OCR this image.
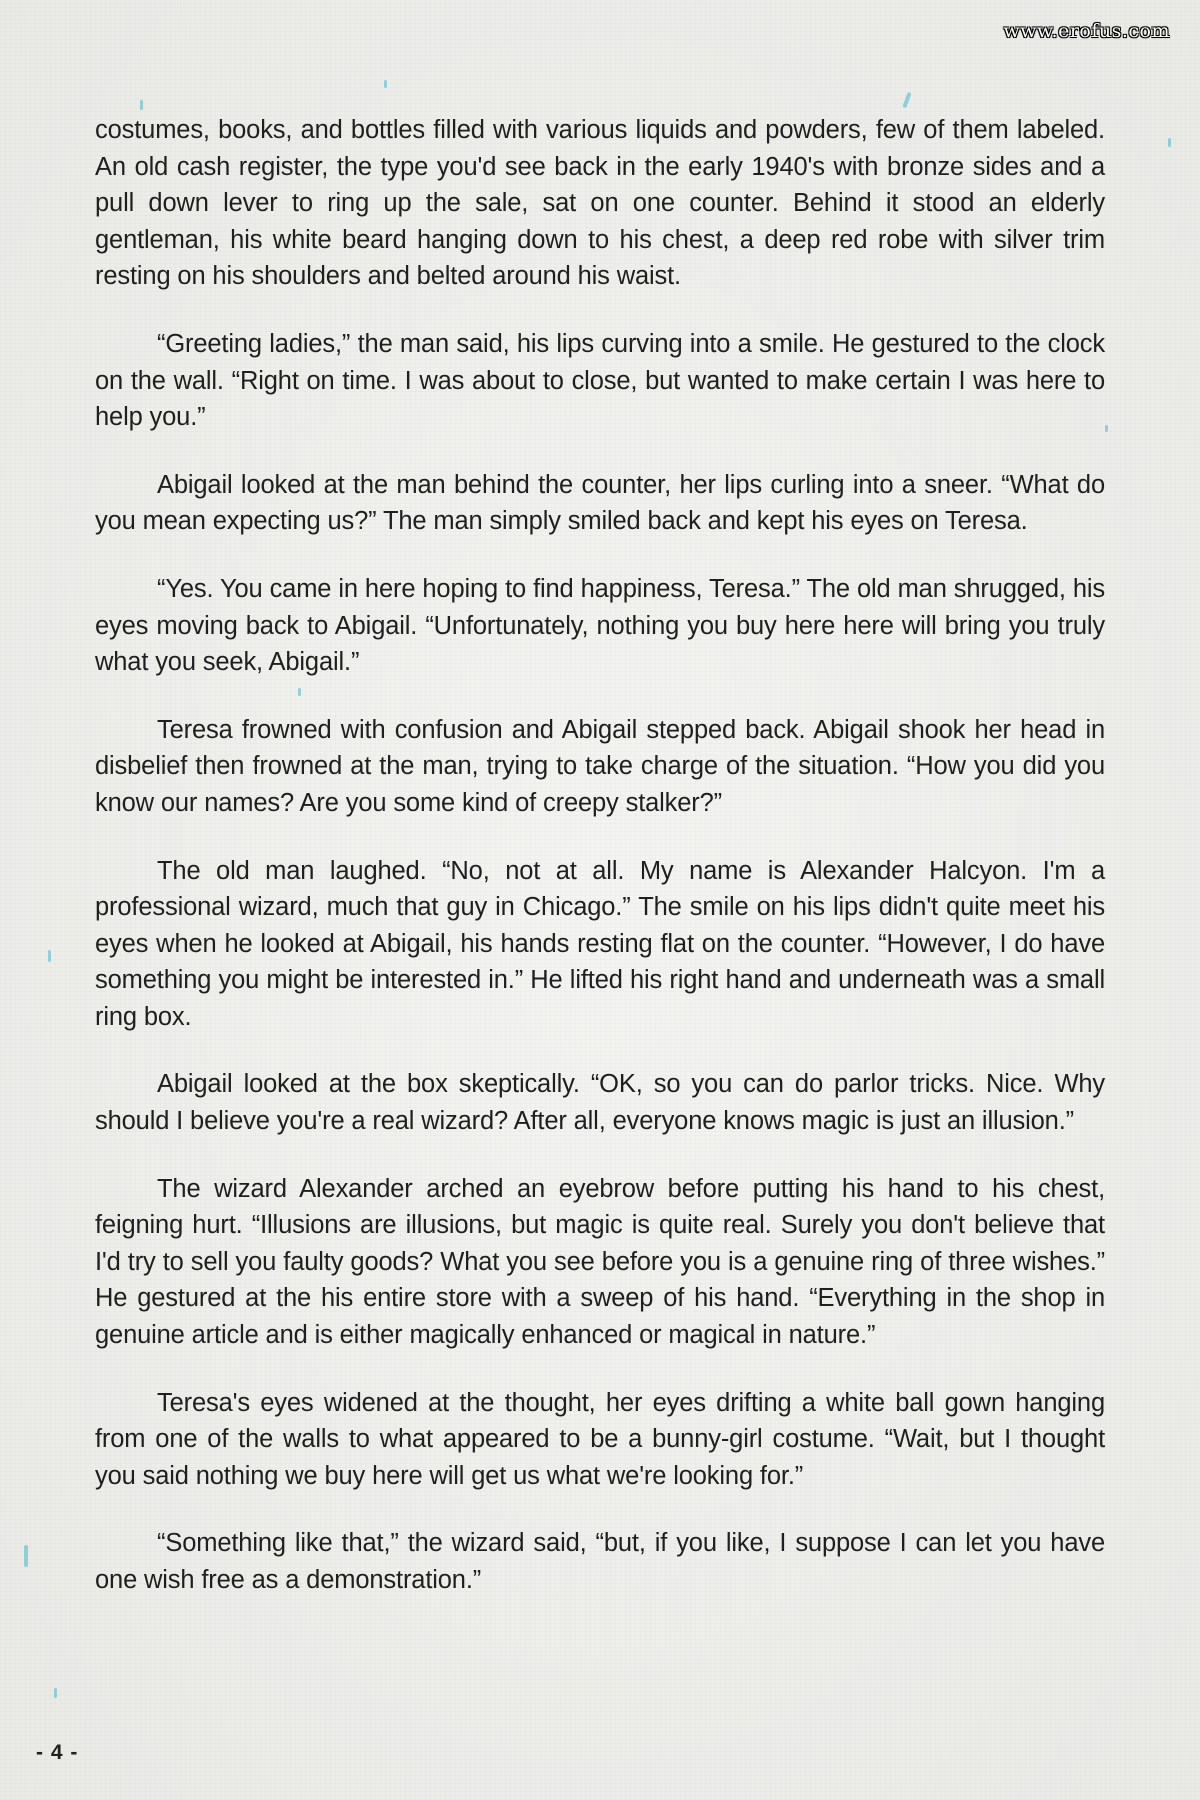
www.erofus.com

costumes, books, and bottles filled with various liquids and powders, few of them labeled. An old cash register, the type you'd see back in the early 1940's with bronze sides and a pull down lever to ring up the sale, sat on one counter. Behind it stood an elderly gentleman, his white beard hanging down to his chest, a deep red robe with silver trim resting on his shoulders and belted around his waist.

“Greeting ladies,” the man said, his lips curving into a smile. He gestured to the clock on the wall. “Right on time. I was about to close, but wanted to make certain I was here to help you.”

Abigail looked at the man behind the counter, her lips curling into a sneer. “What do you mean expecting us?” The man simply smiled back and kept his eyes on Teresa.

“Yes. You came in here hoping to find happiness, Teresa.” The old man shrugged, his eyes moving back to Abigail. “Unfortunately, nothing you buy here here will bring you truly what you seek, Abigail.”

Teresa frowned with confusion and Abigail stepped back. Abigail shook her head in disbelief then frowned at the man, trying to take charge of the situation. “How you did you know our names? Are you some kind of creepy stalker?”

The old man laughed. “No, not at all. My name is Alexander Halcyon. I'm a professional wizard, much that guy in Chicago.” The smile on his lips didn't quite meet his eyes when he looked at Abigail, his hands resting flat on the counter. “However, I do have something you might be interested in.” He lifted his right hand and underneath was a small ring box.

Abigail looked at the box skeptically. “OK, so you can do parlor tricks. Nice. Why should I believe you're a real wizard? After all, everyone knows magic is just an illusion.”

The wizard Alexander arched an eyebrow before putting his hand to his chest, feigning hurt. “Illusions are illusions, but magic is quite real. Surely you don't believe that I'd try to sell you faulty goods? What you see before you is a genuine ring of three wishes.” He gestured at the his entire store with a sweep of his hand. “Everything in the shop in genuine article and is either magically enhanced or magical in nature.”

Teresa's eyes widened at the thought, her eyes drifting a white ball gown hanging from one of the walls to what appeared to be a bunny-girl costume. “Wait, but I thought you said nothing we buy here will get us what we're looking for.”

“Something like that,” the wizard said, “but, if you like, I suppose I can let you have one wish free as a demonstration.”

- 4 -
